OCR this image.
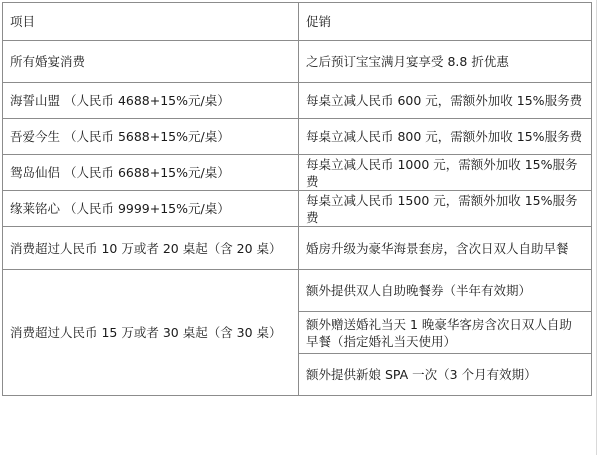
项目	促销
所有婚宴消费	之后预订宝宝满月宴享受 8.8 折优惠
海誓山盟 （人民币 4688+15%元/桌）	每桌立减人民币 600 元，需额外加收 15%服务费
吾爱今生 （人民币 5688+15%元/桌）	每桌立减人民币 800 元，需额外加收 15%服务费
鸳岛仙侣 （人民币 6688+15%元/桌）	每桌立减人民币 1000 元，需额外加收 15%服务费
缘莱铭心 （人民币 9999+15%元/桌）	每桌立减人民币 1500 元，需额外加收 15%服务费
消费超过人民币 10 万或者 20 桌起（含 20 桌）	婚房升级为豪华海景套房，含次日双人自助早餐
消费超过人民币 15 万或者 30 桌起（含 30 桌）	额外提供双人自助晚餐券（半年有效期）
	额外赠送婚礼当天 1 晚豪华客房含次日双人自助早餐（指定婚礼当天使用）
	额外提供新娘 SPA 一次（3 个月有效期）
